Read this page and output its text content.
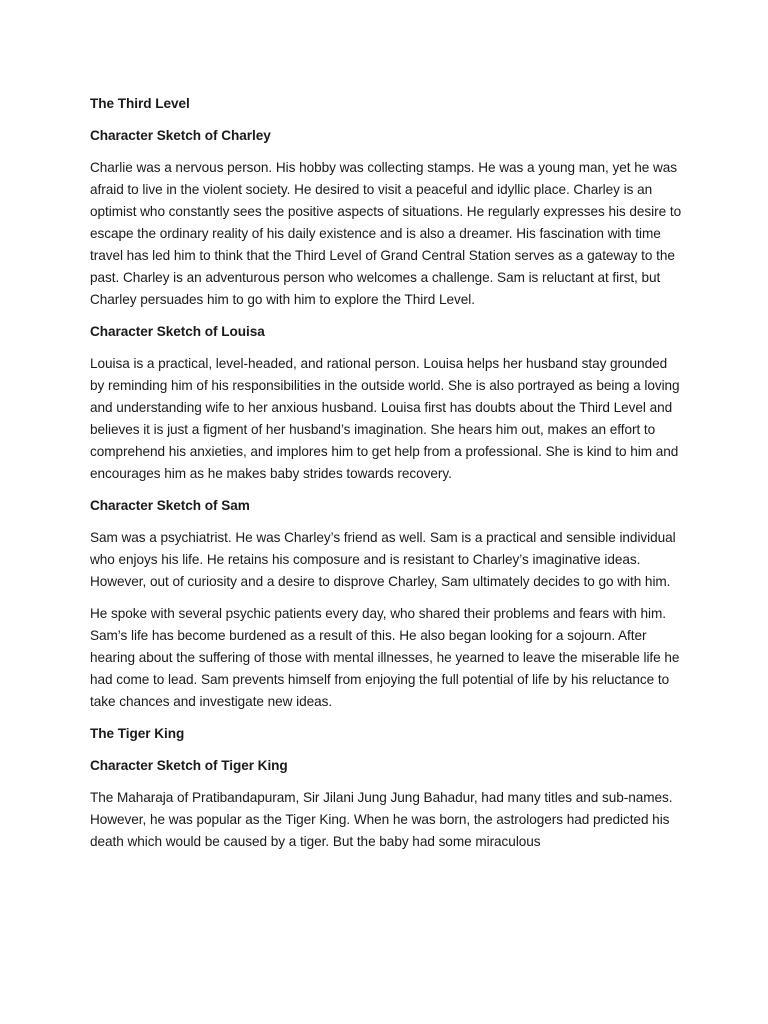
The Third Level

Character Sketch of Charley

Charlie was a nervous person. His hobby was collecting stamps. He was a young man, yet he was afraid to live in the violent society. He desired to visit a peaceful and idyllic place. Charley is an optimist who constantly sees the positive aspects of situations. He regularly expresses his desire to escape the ordinary reality of his daily existence and is also a dreamer. His fascination with time travel has led him to think that the Third Level of Grand Central Station serves as a gateway to the past. Charley is an adventurous person who welcomes a challenge. Sam is reluctant at first, but Charley persuades him to go with him to explore the Third Level.

Character Sketch of Louisa

Louisa is a practical, level-headed, and rational person. Louisa helps her husband stay grounded by reminding him of his responsibilities in the outside world. She is also portrayed as being a loving and understanding wife to her anxious husband. Louisa first has doubts about the Third Level and believes it is just a figment of her husband’s imagination. She hears him out, makes an effort to comprehend his anxieties, and implores him to get help from a professional. She is kind to him and encourages him as he makes baby strides towards recovery.

Character Sketch of Sam

Sam was a psychiatrist. He was Charley’s friend as well. Sam is a practical and sensible individual who enjoys his life. He retains his composure and is resistant to Charley’s imaginative ideas. However, out of curiosity and a desire to disprove Charley, Sam ultimately decides to go with him.

He spoke with several psychic patients every day, who shared their problems and fears with him. Sam’s life has become burdened as a result of this. He also began looking for a sojourn. After hearing about the suffering of those with mental illnesses, he yearned to leave the miserable life he had come to lead. Sam prevents himself from enjoying the full potential of life by his reluctance to take chances and investigate new ideas.

The Tiger King

Character Sketch of Tiger King

The Maharaja of Pratibandapuram, Sir Jilani Jung Jung Bahadur, had many titles and sub-names. However, he was popular as the Tiger King. When he was born, the astrologers had predicted his death which would be caused by a tiger. But the baby had some miraculous
